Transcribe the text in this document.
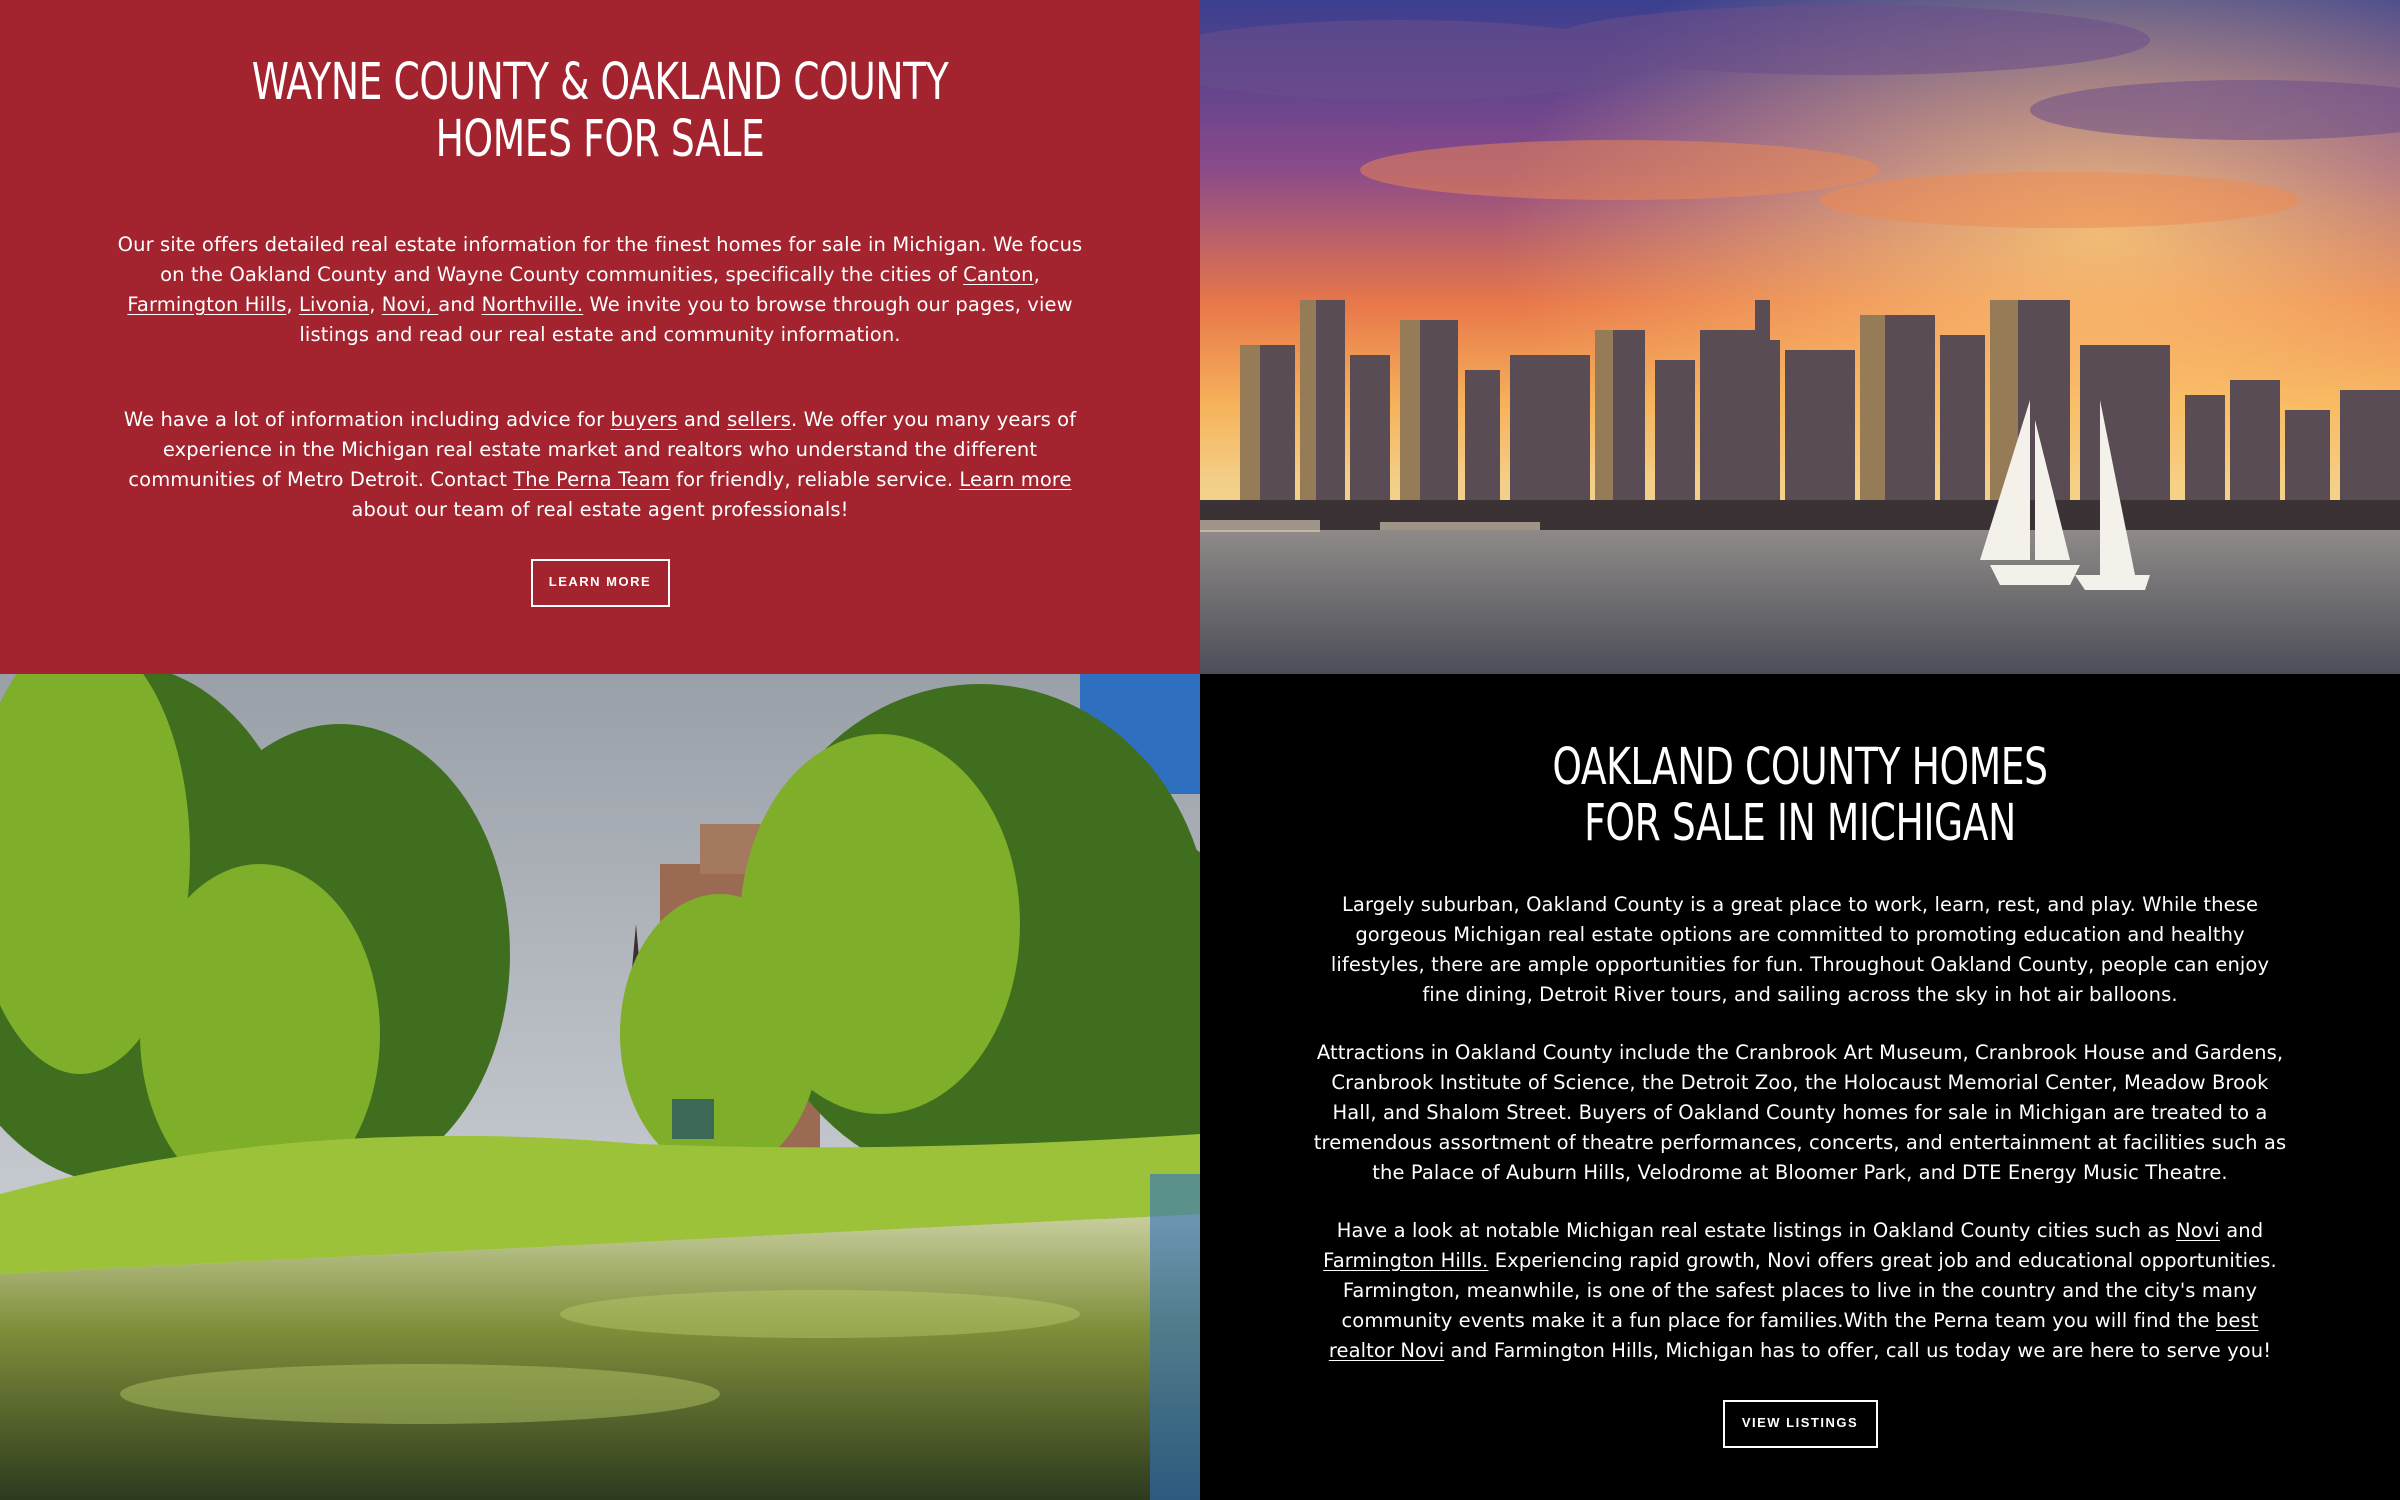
WAYNE COUNTY & OAKLAND COUNTY
HOMES FOR SALE

Our site offers detailed real estate information for the finest homes for sale in Michigan. We focus on the Oakland County and Wayne County communities, specifically the cities of Canton, Farmington Hills, Livonia, Novi, and Northville. We invite you to browse through our pages, view listings and read our real estate and community information.

We have a lot of information including advice for buyers and sellers. We offer you many years of experience in the Michigan real estate market and realtors who understand the different communities of Metro Detroit. Contact The Perna Team for friendly, reliable service. Learn more about our team of real estate agent professionals!

LEARN MORE
OAKLAND COUNTY HOMES
FOR SALE IN MICHIGAN

Largely suburban, Oakland County is a great place to work, learn, rest, and play. While these gorgeous Michigan real estate options are committed to promoting education and healthy lifestyles, there are ample opportunities for fun. Throughout Oakland County, people can enjoy fine dining, Detroit River tours, and sailing across the sky in hot air balloons.

Attractions in Oakland County include the Cranbrook Art Museum, Cranbrook House and Gardens, Cranbrook Institute of Science, the Detroit Zoo, the Holocaust Memorial Center, Meadow Brook Hall, and Shalom Street. Buyers of Oakland County homes for sale in Michigan are treated to a tremendous assortment of theatre performances, concerts, and entertainment at facilities such as the Palace of Auburn Hills, Velodrome at Bloomer Park, and DTE Energy Music Theatre.

Have a look at notable Michigan real estate listings in Oakland County cities such as Novi and Farmington Hills. Experiencing rapid growth, Novi offers great job and educational opportunities. Farmington, meanwhile, is one of the safest places to live in the country and the city's many community events make it a fun place for families.With the Perna team you will find the best realtor Novi and Farmington Hills, Michigan has to offer, call us today we are here to serve you!

VIEW LISTINGS
